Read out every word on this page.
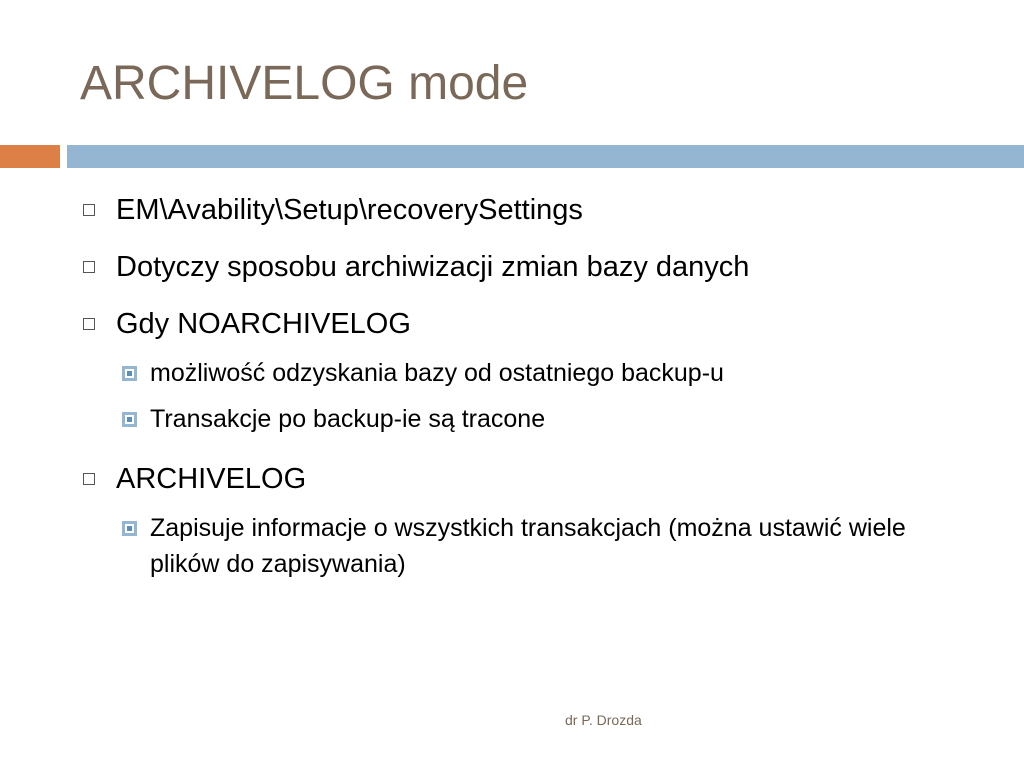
ARCHIVELOG mode
EM\Avability\Setup\recoverySettings
Dotyczy sposobu archiwizacji zmian bazy danych
Gdy NOARCHIVELOG
możliwość odzyskania bazy od ostatniego backup-u
Transakcje po backup-ie są tracone
ARCHIVELOG
Zapisuje informacje o wszystkich transakcjach (można ustawić wiele plików do zapisywania)
dr P. Drozda
